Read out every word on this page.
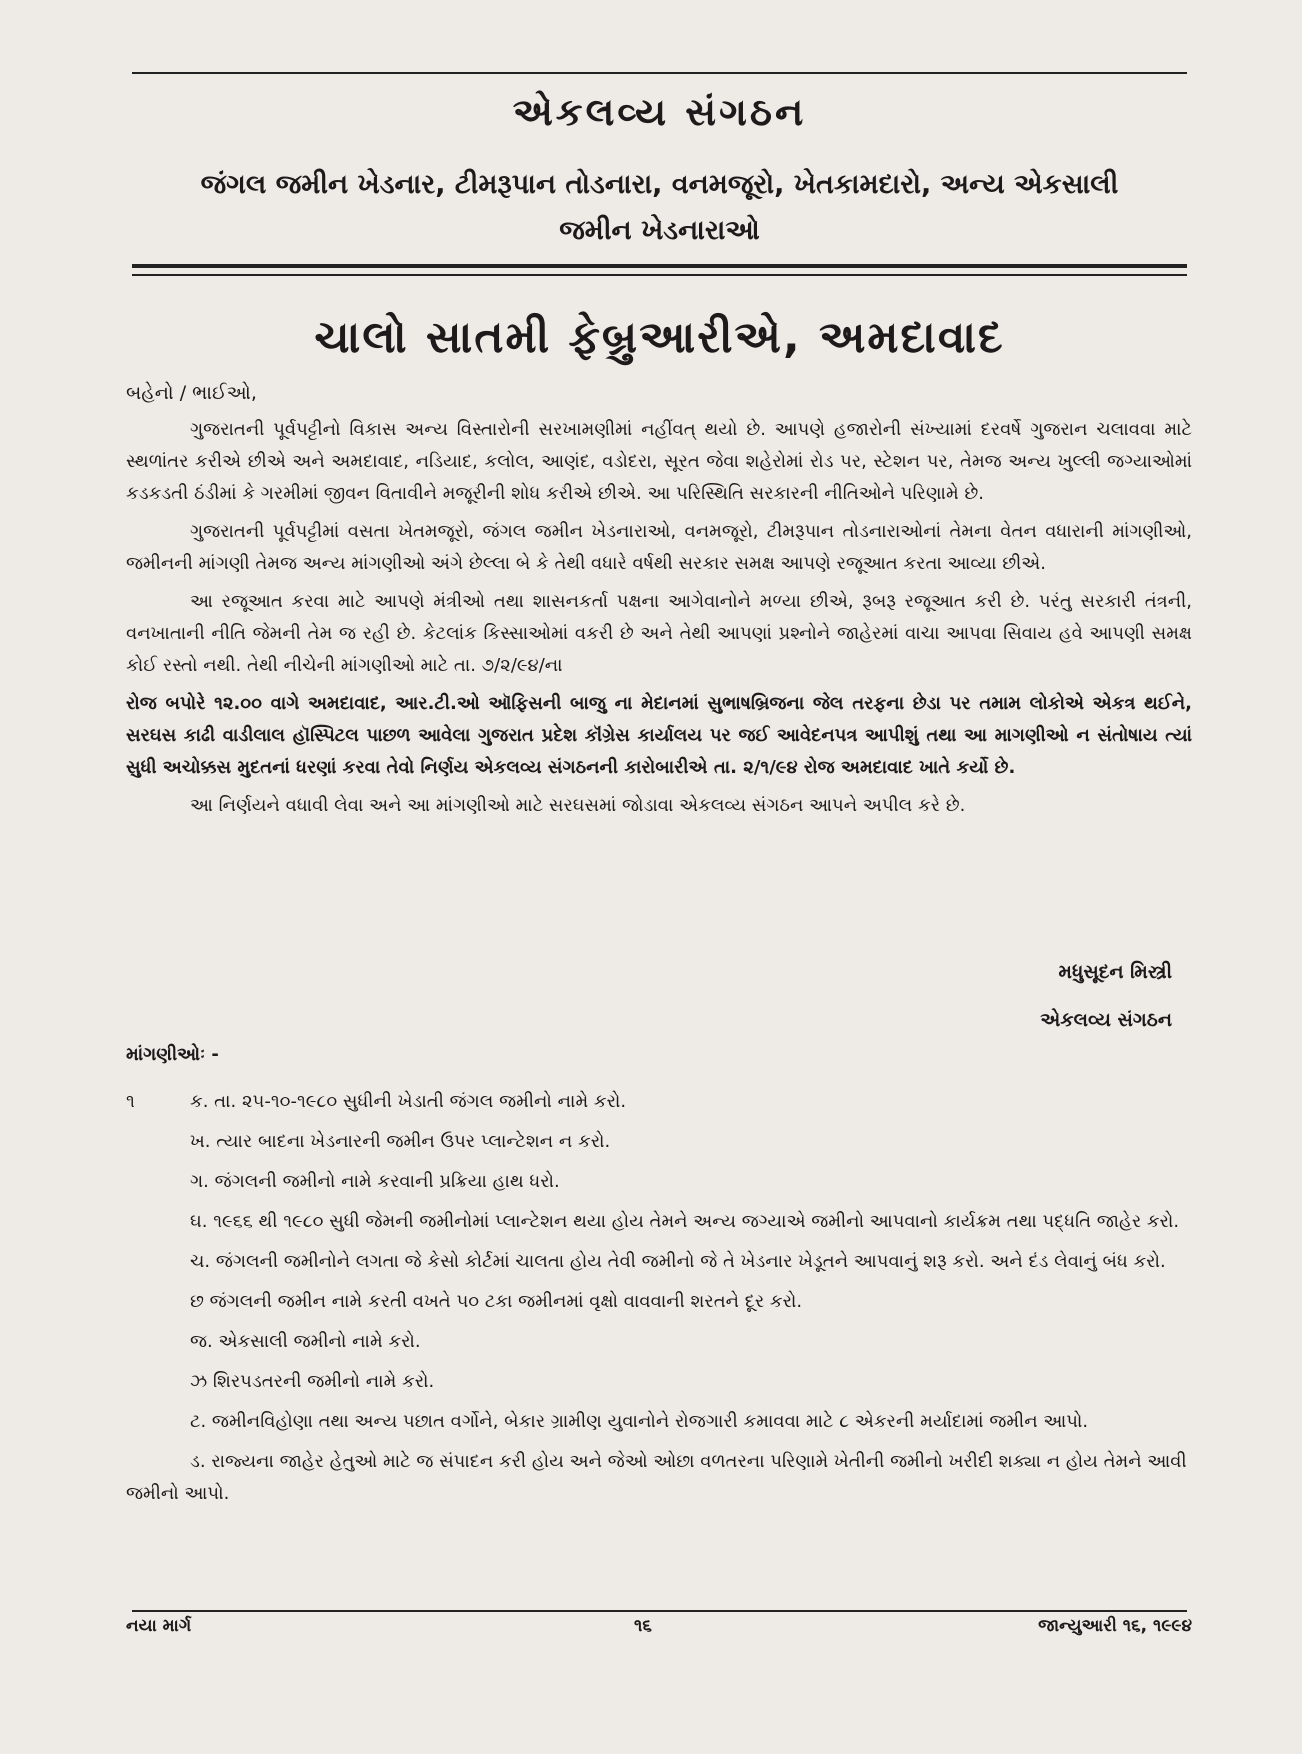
એકલવ્ય સંગઠન
જંગલ જમીન ખેડનાર, ટીમરૂપાન તોડનારા, વનમજૂરો, ખેતકામદારો, અન્ય એકસાલી
જમીન ખેડનારાઓ
ચાલો સાતમી ફેબ્રુઆરીએ, અમદાવાદ
બહેનો / ભાઈઓ,

ગુજરાતની પૂર્વપટ્ટીનો વિકાસ અન્ય વિસ્તારોની સરખામણીમાં નહીંવત્ થયો છે. આપણે હજારોની સંખ્યામાં દરવર્ષે ગુજરાન ચલાવવા માટે સ્થળાંતર કરીએ છીએ અને અમદાવાદ, નડિયાદ, કલોલ, આણંદ, વડોદરા, સૂરત જેવા શહેરોમાં રોડ પર, સ્ટેશન પર, તેમજ અન્ય ખુલ્લી જગ્યાઓમાં કડકડતી ઠંડીમાં કે ગરમીમાં જીવન વિતાવીને મજૂરીની શોધ કરીએ છીએ. આ પરિસ્થિતિ સરકારની નીતિઓને પરિણામે છે.

ગુજરાતની પૂર્વપટ્ટીમાં વસતા ખેતમજૂરો, જંગલ જમીન ખેડનારાઓ, વનમજૂરો, ટીમરૂપાન તોડનારાઓનાં તેમના વેતન વધારાની માંગણીઓ, જમીનની માંગણી તેમજ અન્ય માંગણીઓ અંગે છેલ્લા બે કે તેથી વધારે વર્ષથી સરકાર સમક્ષ આપણે રજૂઆત કરતા આવ્યા છીએ.

આ રજૂઆત કરવા માટે આપણે મંત્રીઓ તથા શાસનકર્તા પક્ષના આગેવાનોને મળ્યા છીએ, રૂબરૂ રજૂઆત કરી છે. પરંતુ સરકારી તંત્રની, વનખાતાની નીતિ જેમની તેમ જ રહી છે. કેટલાંક કિસ્સાઓમાં વકરી છે અને તેથી આપણાં પ્રશ્નોને જાહેરમાં વાચા આપવા સિવાય હવે આપણી સમક્ષ કોઈ રસ્તો નથી. તેથી નીચેની માંગણીઓ માટે તા. ૭/૨/૯૪/ના

રોજ બપોરે ૧૨.૦૦ વાગે અમદાવાદ, આર.ટી.ઓ ઑફિસની બાજુ ના મેદાનમાં સુભાષબ્રિજના જેલ તરફના છેડા પર તમામ લોકોએ એકત્ર થઈને, સરઘસ કાઢી વાડીલાલ હૉસ્પિટલ પાછળ આવેલા ગુજરાત પ્રદેશ કૉંગ્રેસ કાર્યાલય પર જઈ આવેદનપત્ર આપીશું તથા આ માગણીઓ ન સંતોષાય ત્યાં સુધી અચોક્કસ મુદતનાં ધરણાં કરવા તેવો નિર્ણય એકલવ્ય સંગઠનની કારોબારીએ તા. ૨/૧/૯૪ રોજ અમદાવાદ ખાતે કર્યો છે.

આ નિર્ણયને વધાવી લેવા અને આ માંગણીઓ માટે સરઘસમાં જોડાવા એકલવ્ય સંગઠન આપને અપીલ કરે છે.

મધુસૂદન મિસ્ત્રી
એકલવ્ય સંગઠન
માંગણીઓઃ -
૧	ક. તા. ૨૫-૧૦-૧૯૮૦ સુધીની ખેડાતી જંગલ જમીનો નામે કરો.
ખ. ત્યાર બાદના ખેડનારની જમીન ઉપર પ્લાન્ટેશન ન કરો.
ગ. જંગલની જમીનો નામે કરવાની પ્રક્રિયા હાથ ધરો.
ઘ. ૧૯૬૬ થી ૧૯૮૦ સુધી જેમની જમીનોમાં પ્લાન્ટેશન થયા હોય તેમને અન્ય જગ્યાએ જમીનો આપવાનો કાર્યક્રમ તથા પદ્ધતિ જાહેર કરો.
ચ. જંગલની જમીનોને લગતા જે કેસો કોર્ટમાં ચાલતા હોય તેવી જમીનો જે તે ખેડનાર ખેડૂતને આપવાનું શરૂ કરો. અને દંડ લેવાનું બંધ કરો.
છ જંગલની જમીન નામે કરતી વખતે ૫૦ ટકા જમીનમાં વૃક્ષો વાવવાની શરતને દૂર કરો.
જ. એકસાલી જમીનો નામે કરો.
ઝ શિરપડતરની જમીનો નામે કરો.
ટ. જમીનવિહોણા તથા અન્ય પછાત વર્ગોને, બેકાર ગ્રામીણ યુવાનોને રોજગારી કમાવવા માટે ૮ એકરની મર્યાદામાં જમીન આપો.
ડ. રાજ્યના જાહેર હેતુઓ માટે જ સંપાદન કરી હોય અને જેઓ ઓછા વળતરના પરિણામે ખેતીની જમીનો ખરીદી શક્યા ન હોય તેમને આવી જમીનો આપો.
નયા માર્ગ	૧૬	જાન્યુઆરી ૧૬, ૧૯૯૪
